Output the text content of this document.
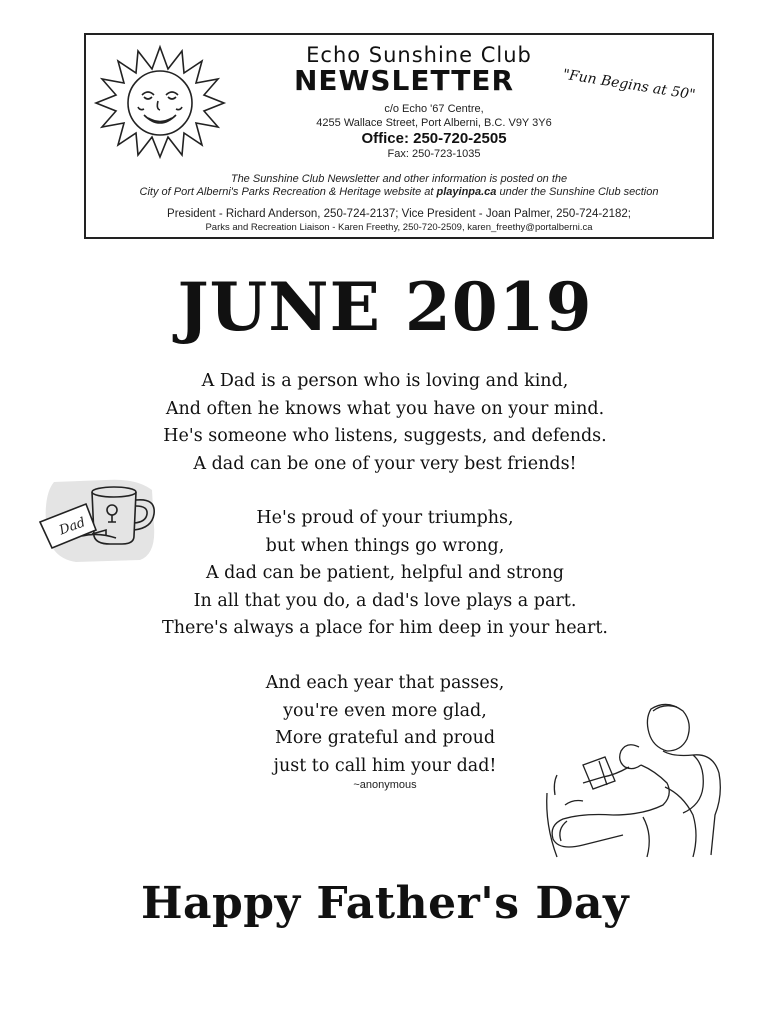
Echo Sunshine Club
NEWSLETTER	"Fun Begins at 50"
c/o Echo '67 Centre,
4255 Wallace Street, Port Alberni, B.C. V9Y 3Y6
Office: 250-720-2505
Fax: 250-723-1035
The Sunshine Club Newsletter and other information is posted on the
City of Port Alberni's Parks Recreation & Heritage website at playinpa.ca under the Sunshine Club section
President - Richard Anderson, 250-724-2137; Vice President - Joan Palmer, 250-724-2182;
Parks and Recreation Liaison - Karen Freethy, 250-720-2509, karen_freethy@portalberni.ca
JUNE 2019
A Dad is a person who is loving and kind,
And often he knows what you have on your mind.
He's someone who listens, suggests, and defends.
A dad can be one of your very best friends!
Dad	He's proud of your triumphs,
but when things go wrong,
A dad can be patient, helpful and strong
In all that you do, a dad's love plays a part.
There's always a place for him deep in your heart.
And each year that passes,
you're even more glad,
More grateful and proud
just to call him your dad!
~anonymous
Happy Father's Day
